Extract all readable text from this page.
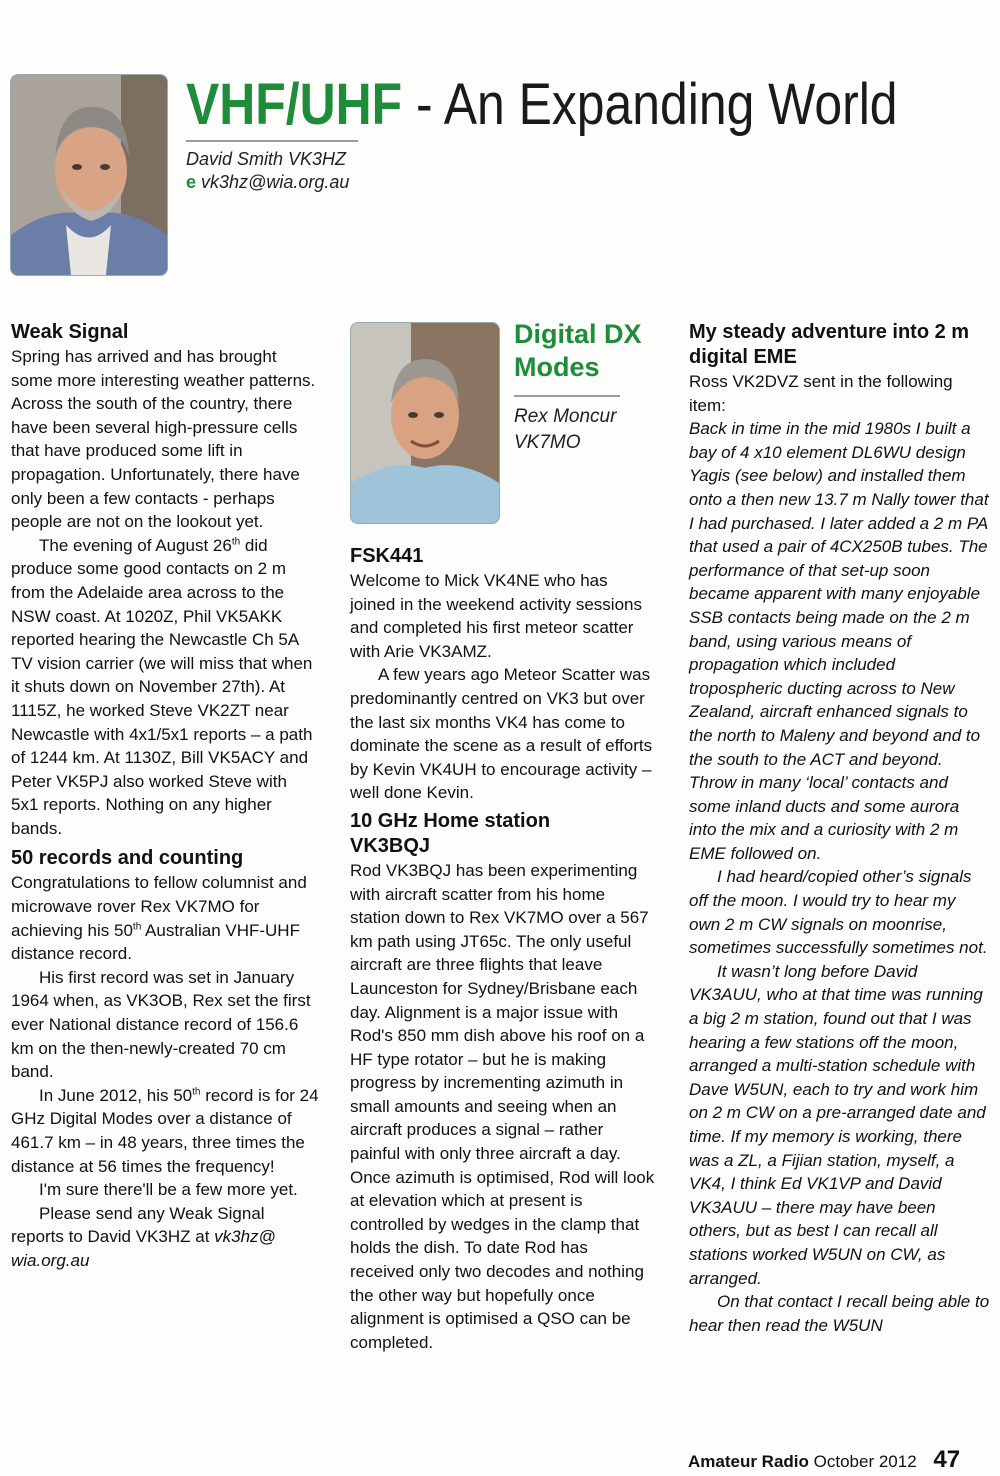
VHF/UHF - An Expanding World
David Smith VK3HZ
e vk3hz@wia.org.au
Weak Signal

Spring has arrived and has brought some more interesting weather patterns. Across the south of the country, there have been several high-pressure cells that have produced some lift in propagation. Unfortunately, there have only been a few contacts - perhaps people are not on the lookout yet.

The evening of August 26th did produce some good contacts on 2 m from the Adelaide area across to the NSW coast. At 1020Z, Phil VK5AKK reported hearing the Newcastle Ch 5A TV vision carrier (we will miss that when it shuts down on November 27th). At 1115Z, he worked Steve VK2ZT near Newcastle with 4x1/5x1 reports – a path of 1244 km. At 1130Z, Bill VK5ACY and Peter VK5PJ also worked Steve with 5x1 reports. Nothing on any higher bands.

50 records and counting

Congratulations to fellow columnist and microwave rover Rex VK7MO for achieving his 50th Australian VHF-UHF distance record.

His first record was set in January 1964 when, as VK3OB, Rex set the first ever National distance record of 156.6 km on the then-newly-created 70 cm band.

In June 2012, his 50th record is for 24 GHz Digital Modes over a distance of 461.7 km – in 48 years, three times the distance at 56 times the frequency!

I'm sure there'll be a few more yet.

Please send any Weak Signal reports to David VK3HZ at vk3hz@ wia.org.au

Digital DX Modes
Rex Moncur VK7MO
FSK441

Welcome to Mick VK4NE who has joined in the weekend activity sessions and completed his first meteor scatter with Arie VK3AMZ.

A few years ago Meteor Scatter was predominantly centred on VK3 but over the last six months VK4 has come to dominate the scene as a result of efforts by Kevin VK4UH to encourage activity – well done Kevin.

10 GHz Home station VK3BQJ

Rod VK3BQJ has been experimenting with aircraft scatter from his home station down to Rex VK7MO over a 567 km path using JT65c. The only useful aircraft are three flights that leave Launceston for Sydney/Brisbane each day. Alignment is a major issue with Rod's 850 mm dish above his roof on a HF type rotator – but he is making progress by incrementing azimuth in small amounts and seeing when an aircraft produces a signal – rather painful with only three aircraft a day. Once azimuth is optimised, Rod will look at elevation which at present is controlled by wedges in the clamp that holds the dish. To date Rod has received only two decodes and nothing the other way but hopefully once alignment is optimised a QSO can be completed.

My steady adventure into 2 m digital EME

Ross VK2DVZ sent in the following item:

Back in time in the mid 1980s I built a bay of 4 x10 element DL6WU design Yagis (see below) and installed them onto a then new 13.7 m Nally tower that I had purchased. I later added a 2 m PA that used a pair of 4CX250B tubes. The performance of that set-up soon became apparent with many enjoyable SSB contacts being made on the 2 m band, using various means of propagation which included tropospheric ducting across to New Zealand, aircraft enhanced signals to the north to Maleny and beyond and to the south to the ACT and beyond. Throw in many ‘local’ contacts and some inland ducts and some aurora into the mix and a curiosity with 2 m EME followed on.

I had heard/copied other’s signals off the moon. I would try to hear my own 2 m CW signals on moonrise, sometimes successfully sometimes not.

It wasn’t long before David VK3AUU, who at that time was running a big 2 m station, found out that I was hearing a few stations off the moon, arranged a multi-station schedule with Dave W5UN, each to try and work him on 2 m CW on a pre-arranged date and time. If my memory is working, there was a ZL, a Fijian station, myself, a VK4, I think Ed VK1VP and David VK3AUU – there may have been others, but as best I can recall all stations worked W5UN on CW, as arranged.

On that contact I recall being able to hear then read the W5UN

Amateur Radio October 2012 47
